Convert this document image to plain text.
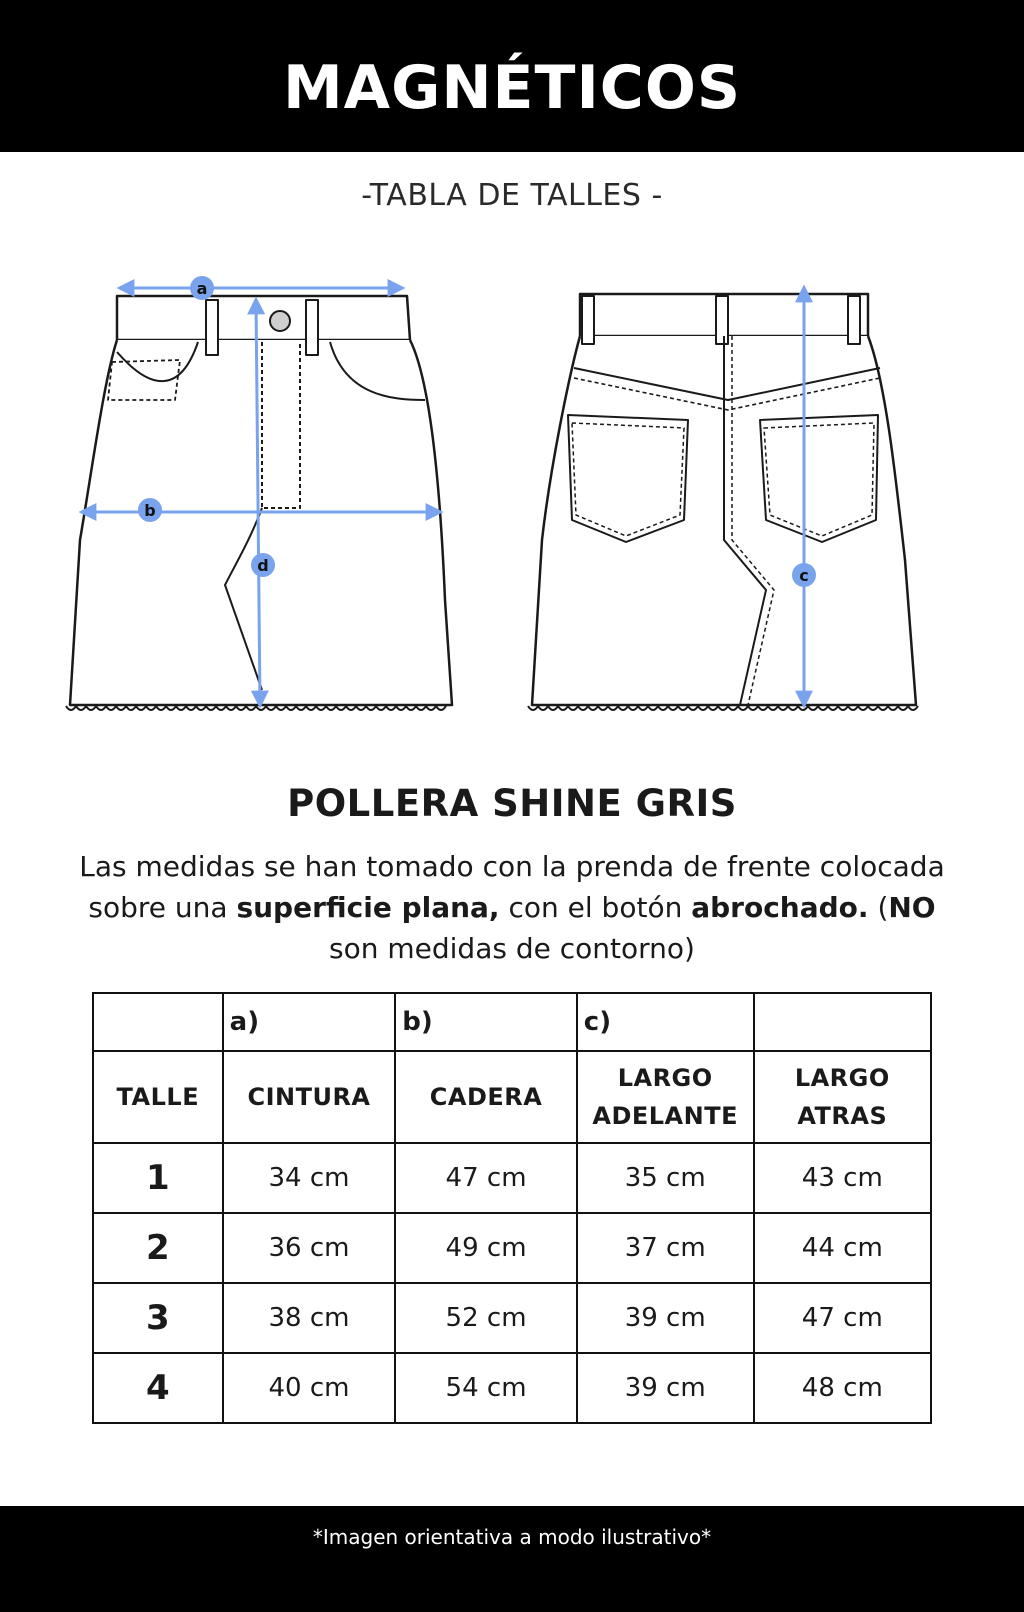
MAGNÉTICOS
-TABLA DE TALLES -
a
b
d
c
POLLERA SHINE GRIS

Las medidas se han tomado con la prenda de frente colocada sobre una superficie plana, con el botón abrochado. (NO son medidas de contorno)

	a)	b)	c)	
TALLE	CINTURA	CADERA	LARGO ADELANTE	LARGO ATRAS
1	34 cm	47 cm	35 cm	43 cm
2	36 cm	49 cm	37 cm	44 cm
3	38 cm	52 cm	39 cm	47 cm
4	40 cm	54 cm	39 cm	48 cm
*Imagen orientativa a modo ilustrativo*
